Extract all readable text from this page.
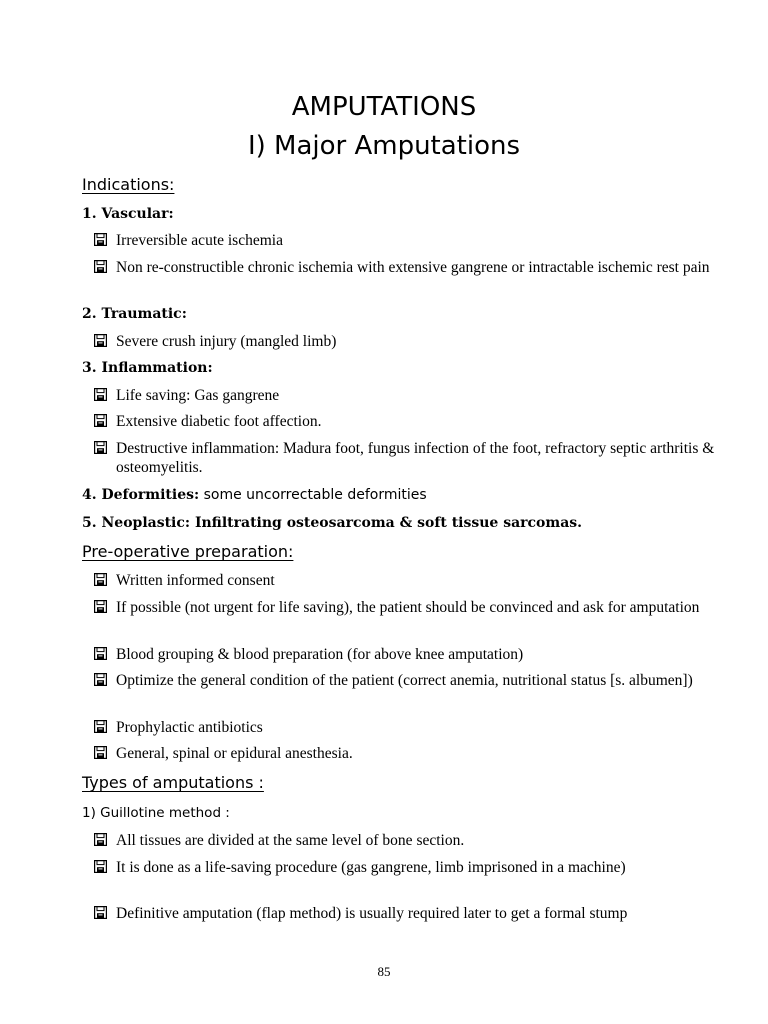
AMPUTATIONS
I) Major Amputations
Indications:
1. Vascular:
Irreversible acute ischemia
Non re-constructible chronic ischemia with extensive gangrene or intractable ischemic rest pain
2. Traumatic:
Severe crush injury (mangled limb)
3. Inflammation:
Life saving: Gas gangrene
Extensive diabetic foot affection.
Destructive inflammation: Madura foot, fungus infection of the foot, refractory septic arthritis & osteomyelitis.
4. Deformities: some uncorrectable deformities
5. Neoplastic: Infiltrating osteosarcoma & soft tissue sarcomas.
Pre-operative preparation:
Written informed consent
If possible (not urgent for life saving), the patient should be convinced and ask for amputation
Blood grouping & blood preparation (for above knee amputation)
Optimize the general condition of the patient (correct anemia, nutritional status [s. albumen])
Prophylactic antibiotics
General, spinal or epidural anesthesia.
Types of amputations :
1) Guillotine method :
All tissues are divided at the same level of bone section.
It is done as a life-saving procedure (gas gangrene, limb imprisoned in a machine)
Definitive amputation (flap method) is usually required later to get a formal stump
85
